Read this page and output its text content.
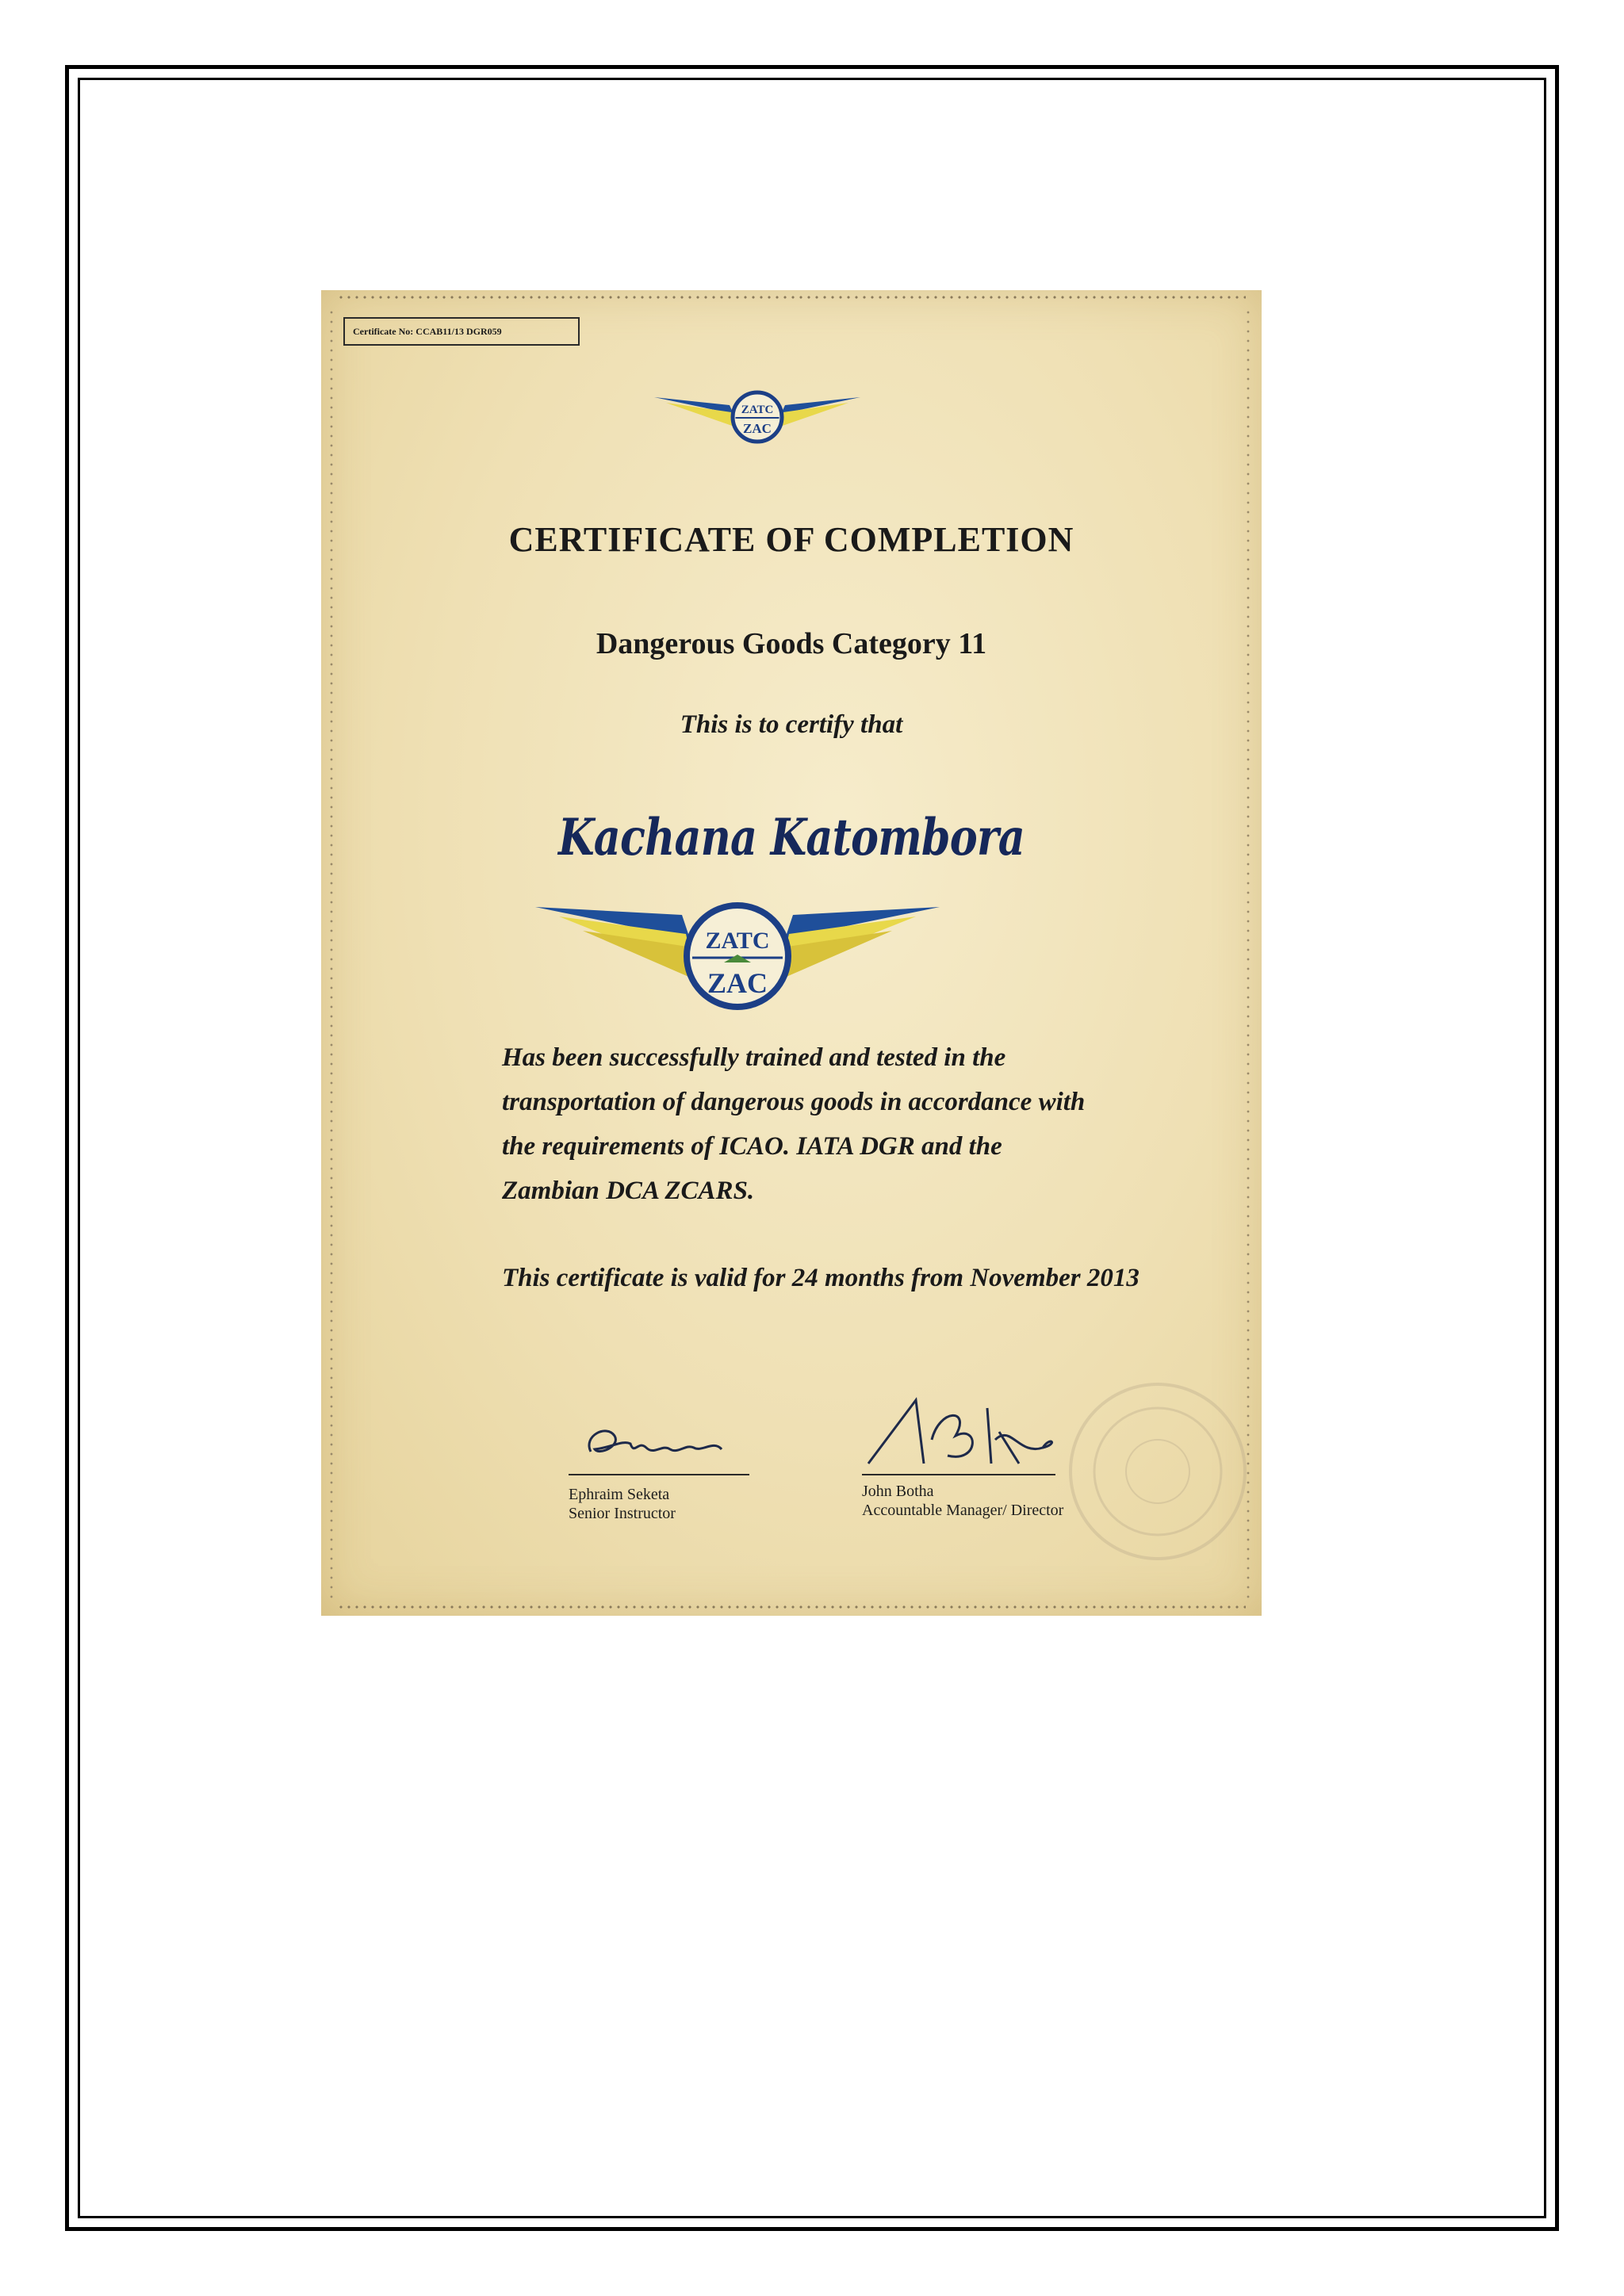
Certificate No: CCAB11/13 DGR059
ZATC
ZAC
CERTIFICATE OF COMPLETION
Dangerous Goods Category 11
This is to certify that
Kachana Katombora
ZATC
ZAC
Has been successfully trained and tested in the
transportation of dangerous goods in accordance with
the requirements of ICAO. IATA DGR and the
Zambian DCA ZCARS.
This certificate is valid for 24 months from November 2013
Ephraim Seketa
Senior Instructor
John Botha
Accountable Manager/ Director
